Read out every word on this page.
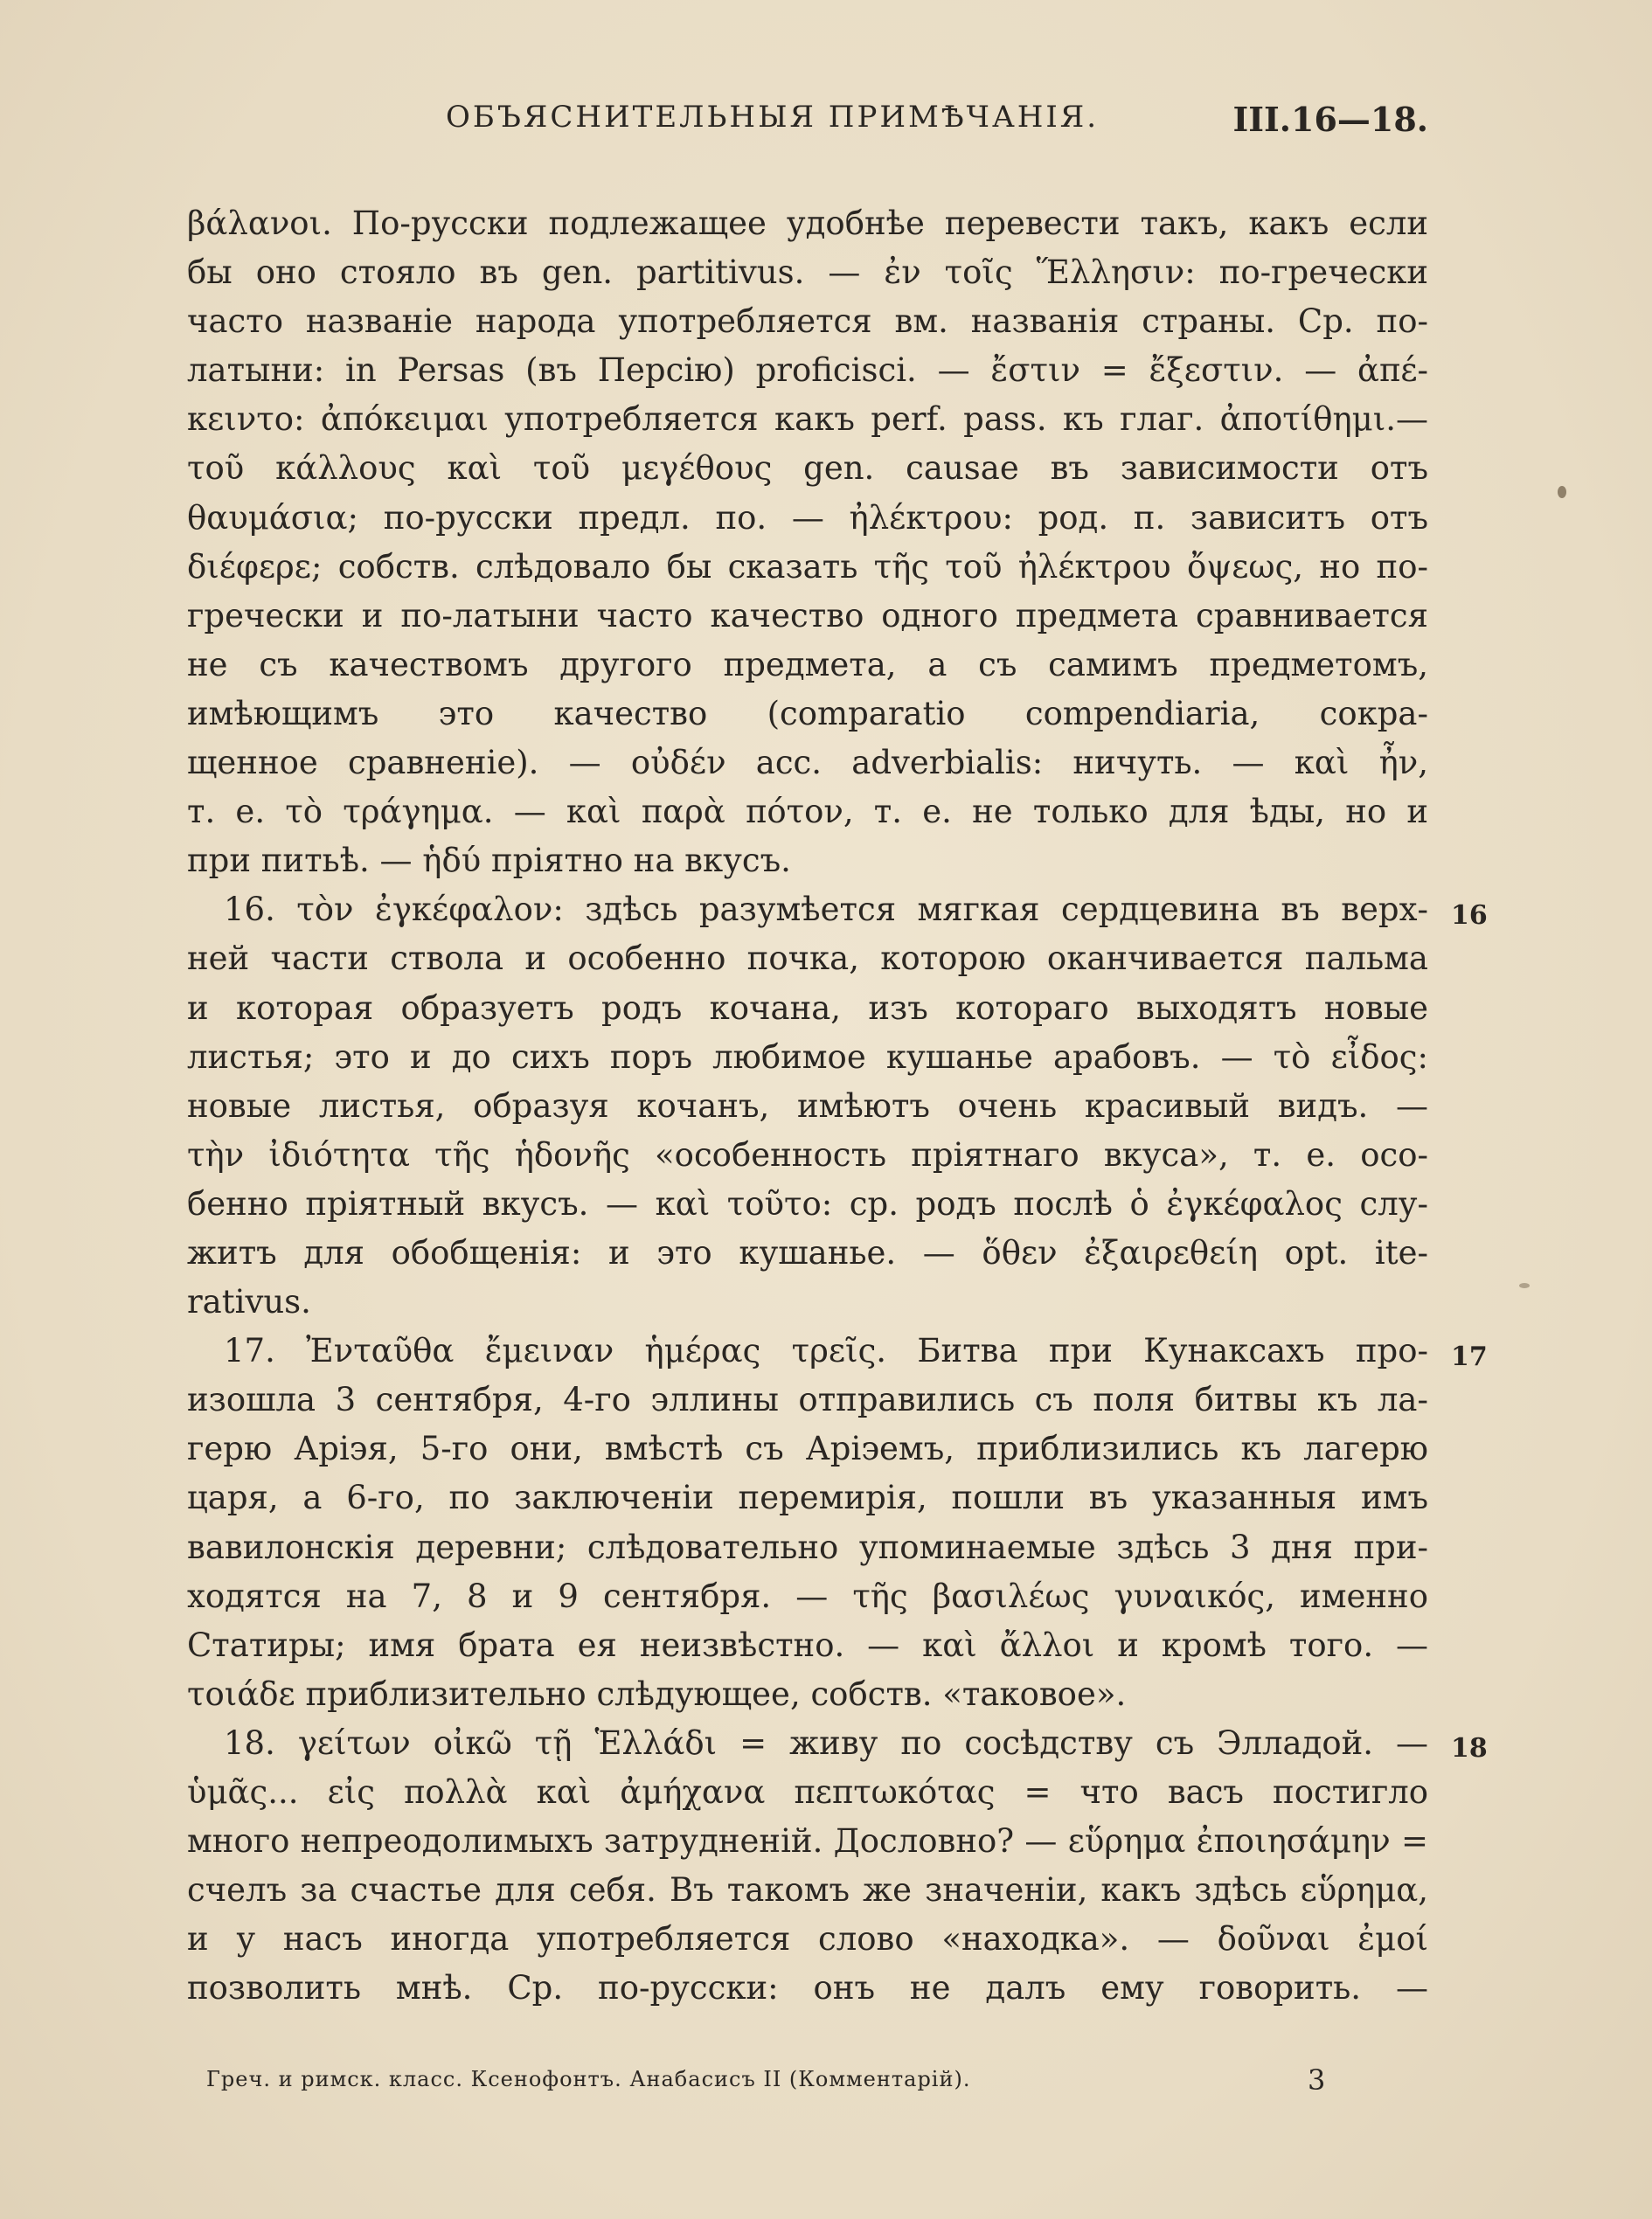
ОБЪЯСНИТЕЛЬНЫЯ ПРИМѢЧАНІЯ.	III.16—18.
βάλανοι. По-русски подлежащее удобнѣе перевести такъ, какъ если
бы оно стояло въ gen. partitivus. — ἐν τοῖς Ἕλλησιν: по-гречески
часто названіе народа употребляется вм. названія страны. Ср. по-
латыни: in Persas (въ Персію) proficisci. — ἔστιν = ἔξεστιν. — ἀπέ-
κειντο: ἀπόκειμαι употребляется какъ perf. pass. къ глаг. ἀποτίθημι.—
τοῦ κάλλους καὶ τοῦ μεγέθους gen. causae въ зависимости отъ
θαυμάσια; по-русски предл. по. — ἠλέκτρου: род. п. зависитъ отъ
διέφερε; собств. слѣдовало бы сказать τῆς τοῦ ἠλέκτρου ὄψεως, но по-
гречески и по-латыни часто качество одного предмета сравнивается
не съ качествомъ другого предмета, а съ самимъ предметомъ,
имѣющимъ это качество (comparatio compendiaria, сокра-
щенное сравненіе). — οὐδέν acc. adverbialis: ничуть. — καὶ ἦν,
т. е. τὸ τράγημα. — καὶ παρὰ πότον, т. е. не только для ѣды, но и
при питьѣ. — ἡδύ пріятно на вкусъ.
16. τὸν ἐγκέφαλον: здѣсь разумѣется мягкая сердцевина въ верх-
ней части ствола и особенно почка, которою оканчивается пальма
и которая образуетъ родъ кочана, изъ котораго выходятъ новые
листья; это и до сихъ поръ любимое кушанье арабовъ. — τὸ εἶδος:
новые листья, образуя кочанъ, имѣютъ очень красивый видъ. —
τὴν ἰδιότητα τῆς ἡδονῆς «особенность пріятнаго вкуса», т. е. осо-
бенно пріятный вкусъ. — καὶ τοῦτο: ср. родъ послѣ ὁ ἐγκέφαλος слу-
житъ для обобщенія: и это кушанье. — ὅθεν ἐξαιρεθείη opt. ite-
rativus.
17. Ἐνταῦθα ἔμειναν ἡμέρας τρεῖς. Битва при Кунаксахъ про-
изошла 3 сентября, 4-го эллины отправились съ поля битвы къ ла-
герю Аріэя, 5-го они, вмѣстѣ съ Аріэемъ, приблизились къ лагерю
царя, а 6-го, по заключеніи перемирія, пошли въ указанныя имъ
вавилонскія деревни; слѣдовательно упоминаемые здѣсь 3 дня при-
ходятся на 7, 8 и 9 сентября. — τῆς βασιλέως γυναικός, именно
Статиры; имя брата ея неизвѣстно. — καὶ ἄλλοι и кромѣ того. —
τοιάδε приблизительно слѣдующее, собств. «таковое».
18. γείτων οἰκῶ τῇ Ἑλλάδι = живу по сосѣдству съ Элладой. —
ὑμᾶς... εἰς πολλὰ καὶ ἀμήχανα πεπτωκότας = что васъ постигло
много непреодолимыхъ затрудненій. Дословно? — εὕρημα ἐποιησάμην =
счелъ за счастье для себя. Въ такомъ же значеніи, какъ здѣсь εὕρημα,
и у насъ иногда употребляется слово «находка». — δοῦναι ἐμοί
позволить мнѣ. Ср. по-русски: онъ не далъ ему говорить. —
16
17
18
Греч. и римск. класс. Ксенофонтъ. Анабасисъ II (Комментарій).	3
